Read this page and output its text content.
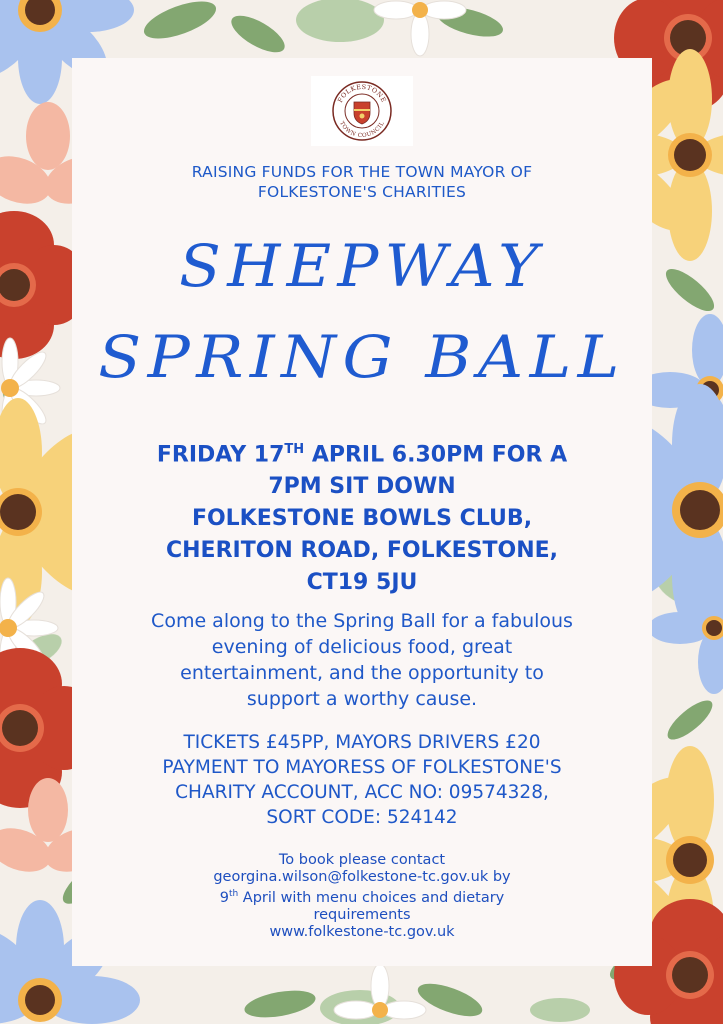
FOLKESTONE
TOWN COUNCIL
RAISING FUNDS FOR THE TOWN MAYOR OF
FOLKESTONE'S CHARITIES
SHEPWAY
SPRING BALL
FRIDAY 17TH APRIL 6.30PM FOR A
7PM SIT DOWN
FOLKESTONE BOWLS CLUB,
CHERITON ROAD, FOLKESTONE,
CT19 5JU
Come along to the Spring Ball for a fabulous
evening of delicious food, great
entertainment, and the opportunity to
support a worthy cause.
TICKETS £45PP, MAYORS DRIVERS £20
PAYMENT TO MAYORESS OF FOLKESTONE'S
CHARITY ACCOUNT, ACC NO: 09574328,
SORT CODE: 524142
To book please contact
georgina.wilson@folkestone-tc.gov.uk by
9th April with menu choices and dietary
requirements
www.folkestone-tc.gov.uk
